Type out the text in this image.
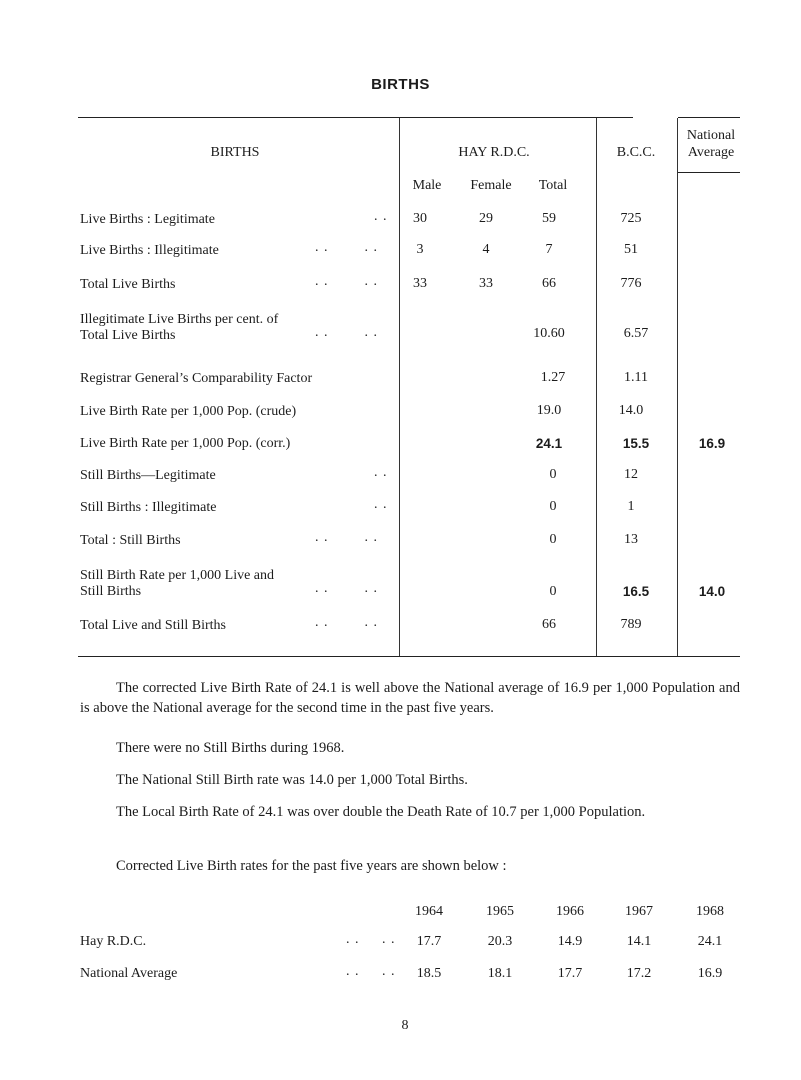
BIRTHS
BIRTHS	HAY R.D.C.	B.C.C.
National
Average
Male Female Total
Live Births : Legitimate	. . 30	29	59	725
Live Births : Illegitimate	. .        . .	3	4	7	51
Total Live Births	. .        . .	33	33	66	776
Illegitimate Live Births per cent. of
Total Live Births	. .        . .	10.60	6.57
Registrar General’s Comparability Factor	1.27	1.11
Live Birth Rate per 1,000 Pop. (crude)	19.0	14.0
Live Birth Rate per 1,000 Pop. (corr.)	24.1	15.5	16.9
Still Births—Legitimate	. .	0	12
Still Births : Illegitimate	. .	0	1
Total : Still Births	. .        . .	0	13
Still Birth Rate per 1,000 Live and
Still Births	. .        . .	0	16.5	14.0
Total Live and Still Births	. .        . .	66	789
The corrected Live Birth Rate of 24.1 is well above the National average of 16.9 per 1,000 Population and is above the National average for the second time in the past five years.
There were no Still Births during 1968.
The National Still Birth rate was 14.0 per 1,000 Total Births.
The Local Birth Rate of 24.1 was over double the Death Rate of 10.7 per 1,000 Population.
Corrected Live Birth rates for the past five years are shown below :
1964	1965	1966	1967	1968
Hay R.D.C.	. .     . . 17.7	20.3	14.9	14.1	24.1
National Average	. .     . . 18.5	18.1	17.7	17.2	16.9
8
